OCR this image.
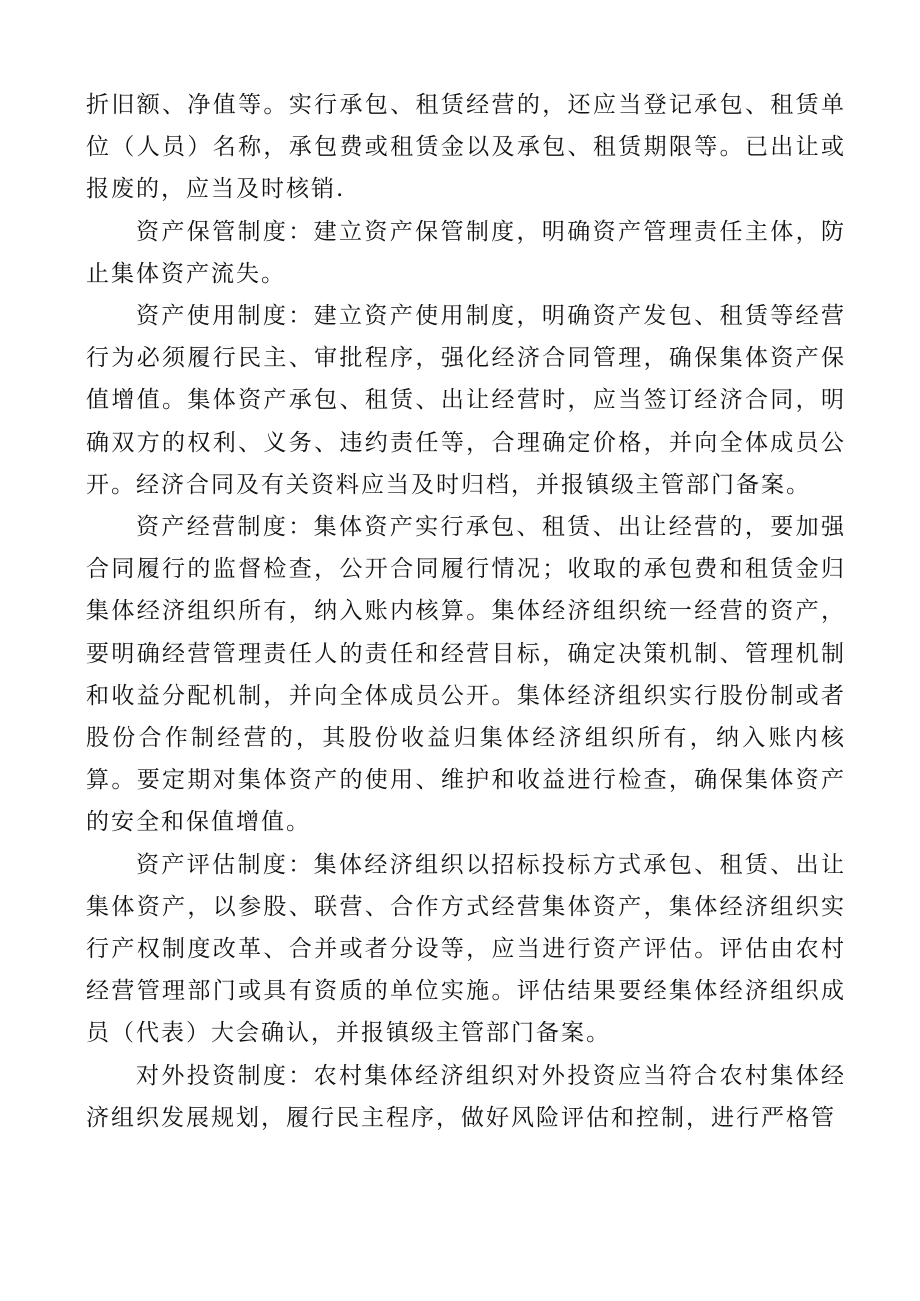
折旧额、净值等。实行承包、租赁经营的，还应当登记承包、租赁单位（人员）名称，承包费或租赁金以及承包、租赁期限等。已出让或报废的，应当及时核销.

资产保管制度：建立资产保管制度，明确资产管理责任主体，防止集体资产流失。

资产使用制度：建立资产使用制度，明确资产发包、租赁等经营行为必须履行民主、审批程序，强化经济合同管理，确保集体资产保值增值。集体资产承包、租赁、出让经营时，应当签订经济合同，明确双方的权利、义务、违约责任等，合理确定价格，并向全体成员公开。经济合同及有关资料应当及时归档，并报镇级主管部门备案。

资产经营制度：集体资产实行承包、租赁、出让经营的，要加强合同履行的监督检查，公开合同履行情况；收取的承包费和租赁金归集体经济组织所有，纳入账内核算。集体经济组织统一经营的资产，要明确经营管理责任人的责任和经营目标，确定决策机制、管理机制和收益分配机制，并向全体成员公开。集体经济组织实行股份制或者股份合作制经营的，其股份收益归集体经济组织所有，纳入账内核算。要定期对集体资产的使用、维护和收益进行检查，确保集体资产的安全和保值增值。

资产评估制度：集体经济组织以招标投标方式承包、租赁、出让集体资产，以参股、联营、合作方式经营集体资产，集体经济组织实行产权制度改革、合并或者分设等，应当进行资产评估。评估由农村经营管理部门或具有资质的单位实施。评估结果要经集体经济组织成员（代表）大会确认，并报镇级主管部门备案。

对外投资制度：农村集体经济组织对外投资应当符合农村集体经济组织发展规划，履行民主程序，做好风险评估和控制，进行严格管
